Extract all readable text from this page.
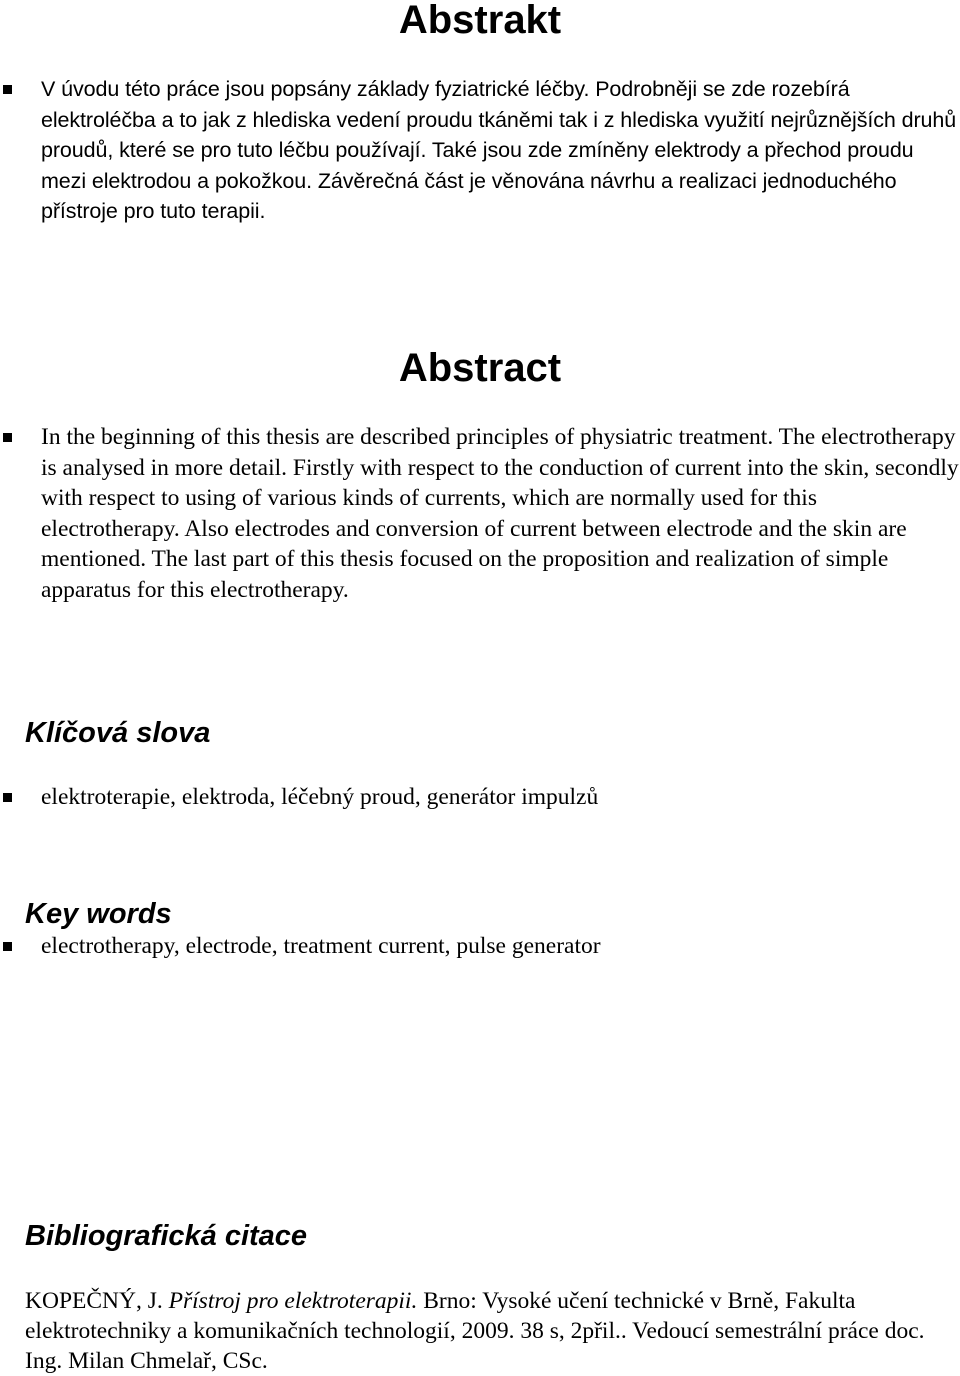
Abstrakt

V úvodu této práce jsou popsány základy fyziatrické léčby. Podrobněji se zde rozebírá elektroléčba a to jak z hlediska vedení proudu tkáněmi tak i z hlediska využití nejrůznějších druhů proudů, které se pro tuto léčbu používají. Také jsou zde zmíněny elektrody a přechod proudu mezi elektrodou a pokožkou. Závěrečná část je věnována návrhu a realizaci jednoduchého přístroje pro tuto terapii.

Abstract

In the beginning of this thesis are described principles of physiatric treatment. The electrotherapy is analysed in more detail. Firstly with respect to the conduction of current into the skin, secondly with respect to using of various kinds of currents, which are normally used for this electrotherapy. Also electrodes and conversion of current between electrode and the skin are mentioned. The last part of this thesis focused on the proposition and realization of simple apparatus for this electrotherapy.

Klíčová slova

elektroterapie, elektroda, léčebný proud, generátor impulzů

Key words

electrotherapy, electrode, treatment current, pulse generator

Bibliografická citace

KOPEČNÝ, J. Přístroj pro elektroterapii. Brno: Vysoké učení technické v Brně, Fakulta elektrotechniky a komunikačních technologií, 2009. 38 s, 2přil.. Vedoucí semestrální práce doc. Ing. Milan Chmelař, CSc.
